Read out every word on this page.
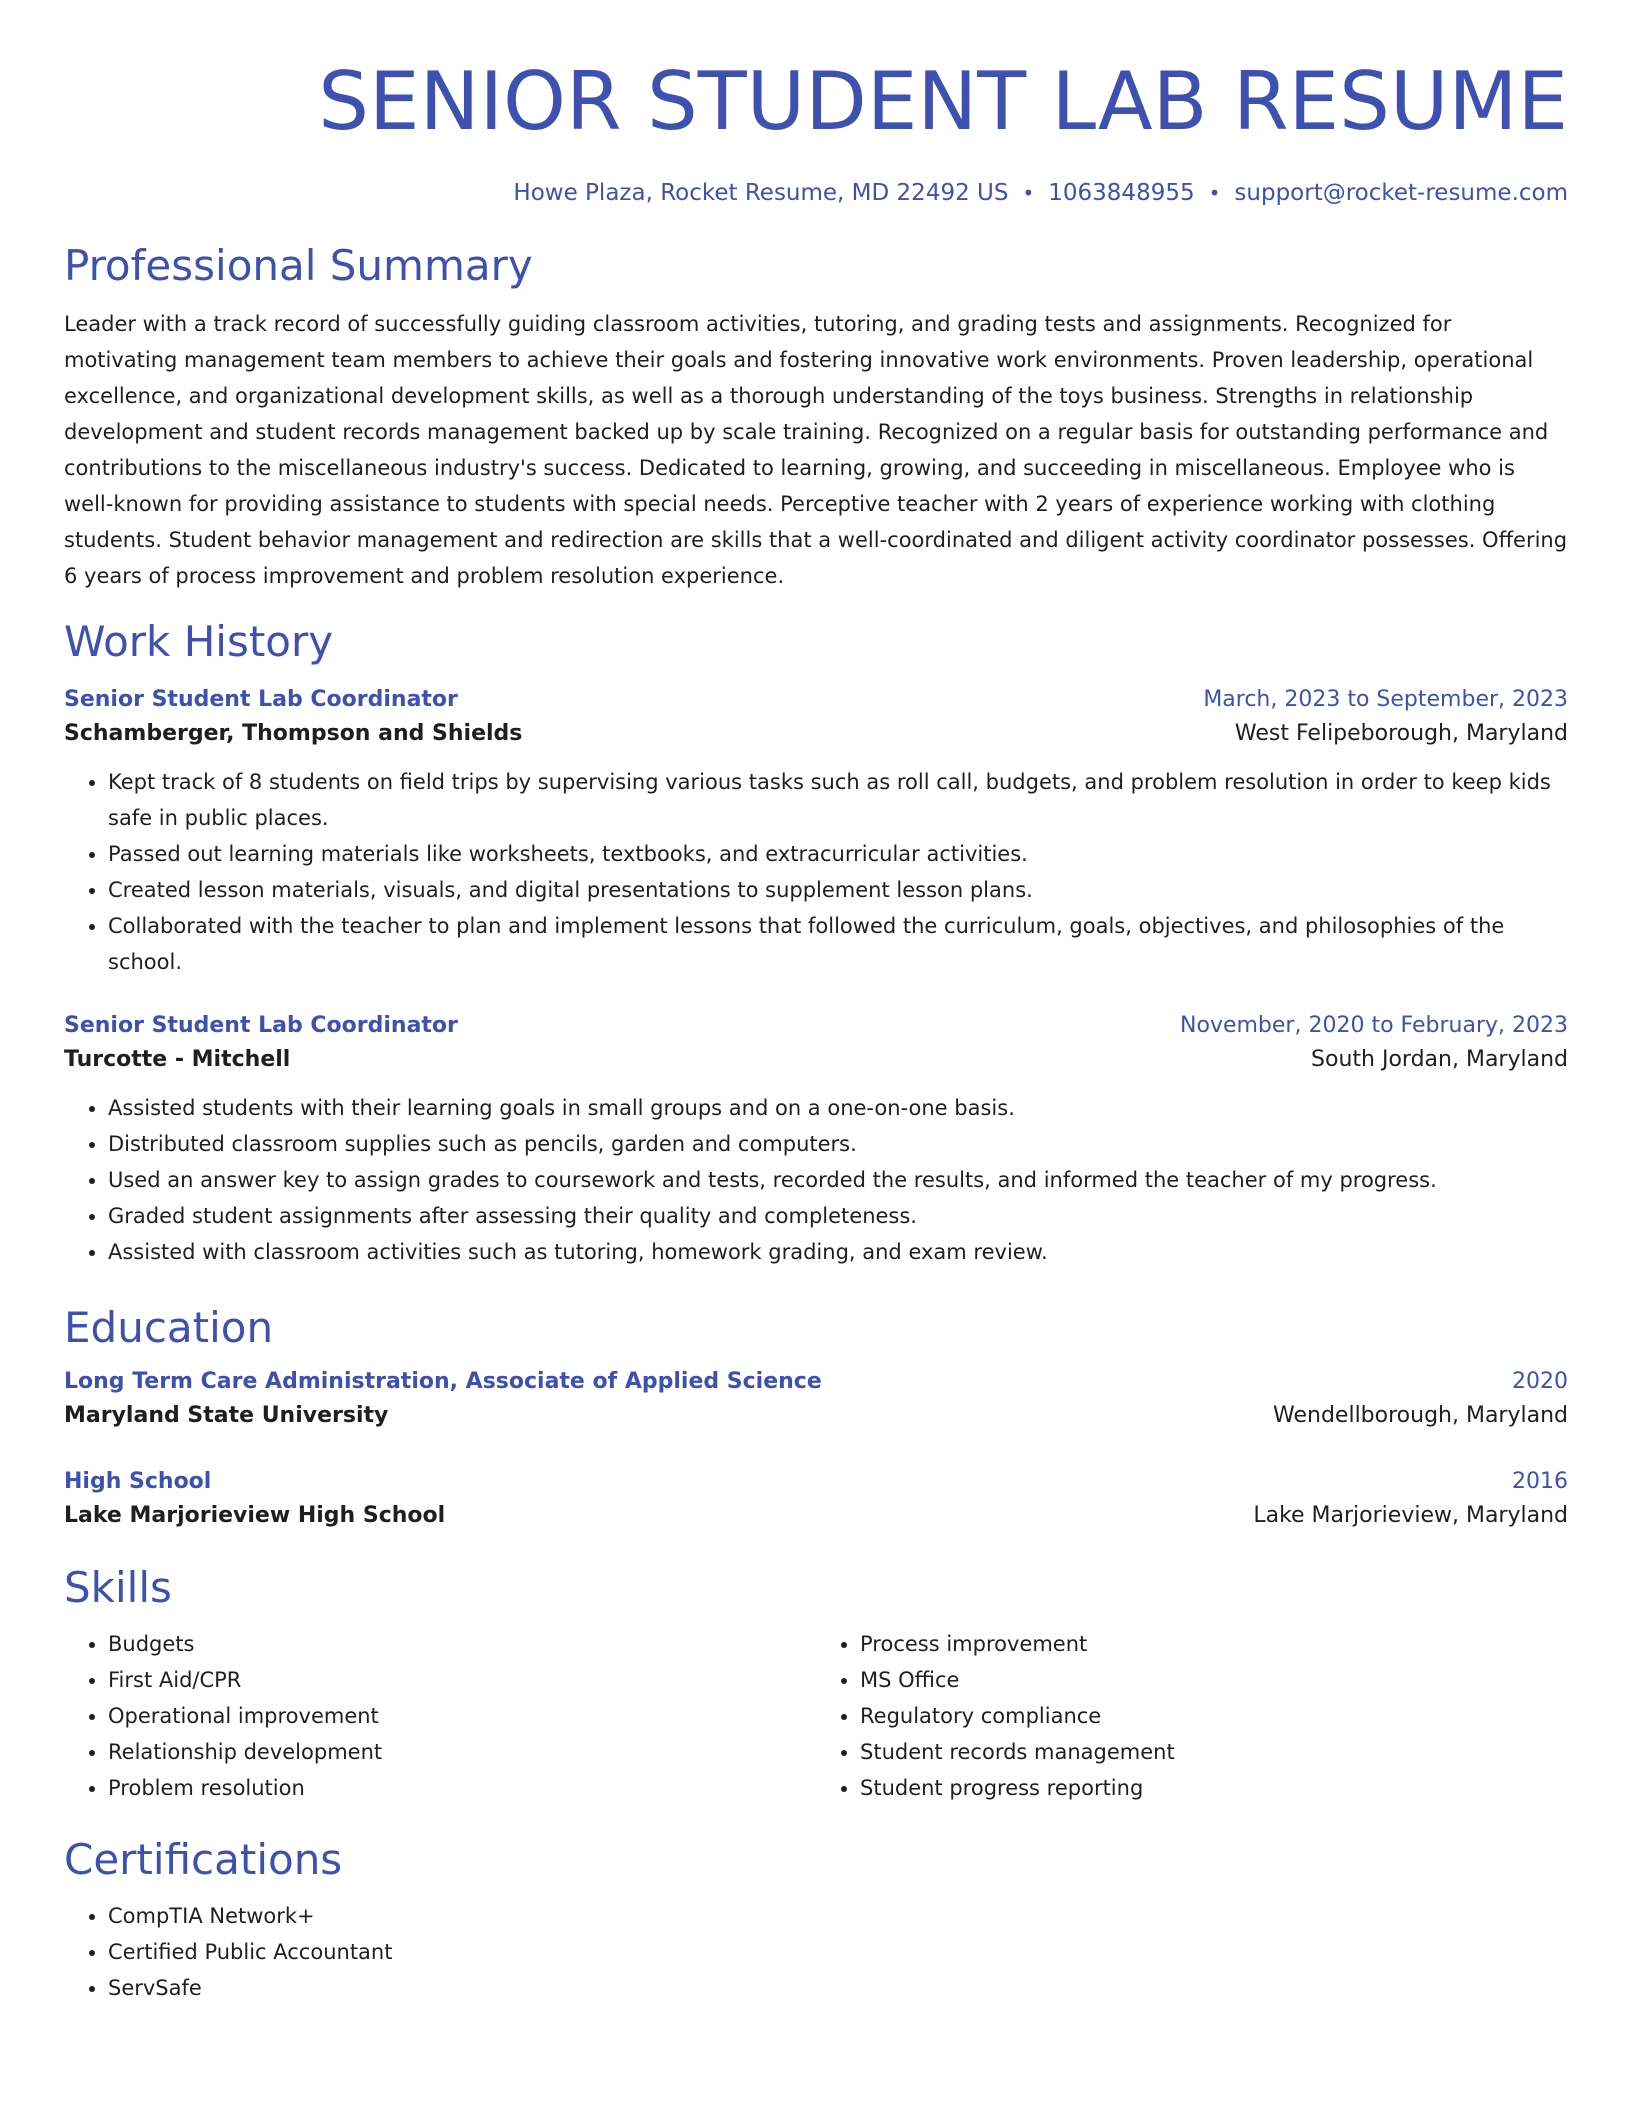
SENIOR STUDENT LAB RESUME
Howe Plaza, Rocket Resume, MD 22492 US • 1063848955 • support@rocket-resume.com
Professional Summary
Leader with a track record of successfully guiding classroom activities, tutoring, and grading tests and assignments. Recognized for motivating management team members to achieve their goals and fostering innovative work environments. Proven leadership, operational excellence, and organizational development skills, as well as a thorough understanding of the toys business. Strengths in relationship development and student records management backed up by scale training. Recognized on a regular basis for outstanding performance and contributions to the miscellaneous industry's success. Dedicated to learning, growing, and succeeding in miscellaneous. Employee who is well-known for providing assistance to students with special needs. Perceptive teacher with 2 years of experience working with clothing students. Student behavior management and redirection are skills that a well-coordinated and diligent activity coordinator possesses. Offering 6 years of process improvement and problem resolution experience.
Work History
Senior Student Lab Coordinator	March, 2023 to September, 2023
Schamberger, Thompson and Shields	West Felipeborough, Maryland
• Kept track of 8 students on field trips by supervising various tasks such as roll call, budgets, and problem resolution in order to keep kids safe in public places.
• Passed out learning materials like worksheets, textbooks, and extracurricular activities.
• Created lesson materials, visuals, and digital presentations to supplement lesson plans.
• Collaborated with the teacher to plan and implement lessons that followed the curriculum, goals, objectives, and philosophies of the school.
Senior Student Lab Coordinator	November, 2020 to February, 2023
Turcotte - Mitchell	South Jordan, Maryland
• Assisted students with their learning goals in small groups and on a one-on-one basis.
• Distributed classroom supplies such as pencils, garden and computers.
• Used an answer key to assign grades to coursework and tests, recorded the results, and informed the teacher of my progress.
• Graded student assignments after assessing their quality and completeness.
• Assisted with classroom activities such as tutoring, homework grading, and exam review.
Education
Long Term Care Administration, Associate of Applied Science	2020
Maryland State University	Wendellborough, Maryland
High School	2016
Lake Marjorieview High School	Lake Marjorieview, Maryland
Skills
• Budgets
• First Aid/CPR
• Operational improvement
• Relationship development
• Problem resolution
• Process improvement
• MS Office
• Regulatory compliance
• Student records management
• Student progress reporting
Certifications
• CompTIA Network+
• Certified Public Accountant
• ServSafe
